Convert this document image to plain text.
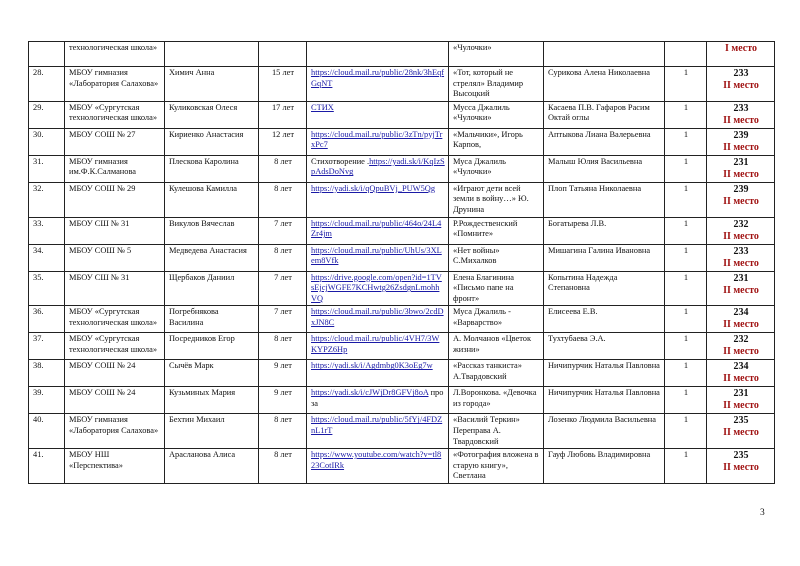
	технологическая школа»				«Чулочки»			I место

28.	МБОУ гимназия «Лаборатория Салахова»	Химич Анна	15 лет	https://cloud.mail.ru/public/28nk/3hEqfGqNT	«Тот, который не стрелял» Владимир Высоцкий	Сурикова Алена Николаевна	1	233
II место

29.	МБОУ «Сургутская технологическая школа»	Куликовская Олеся	17 лет	СТИХ	Мусса Джалиль «Чулочки»	Касаева П.В. Гафаров Расим Октай оглы	1	233
II место

30.	МБОУ СОШ № 27	Кириенко Анастасия	12 лет	https://cloud.mail.ru/public/3zTn/pyjTrxPc7	«Мальчики», Игорь Карпов,	Аптыкова Лиана Валерьевна	1	239
II место

31.	МБОУ гимназия им.Ф.К.Салманова	Плескова Каролина	8 лет	Стихотворение .https://yadi.sk/i/KqIzSpAdsDoNvg	Муса Джалиль «Чулочки»	Малыш Юлия Васильевна	1	231
II место

32.	МБОУ СОШ № 29	Кулешова Камилла	8 лет	https://yadi.sk/i/qQpuBVj_PUW5Qg	«Играют дети всей земли в войну…» Ю. Друнина	Плоп Татьяна Николаевна	1	239
II место

33.	МБОУ СШ № 31	Викулов Вячеслав	7 лет	https://cloud.mail.ru/public/464o/24L4Zr4jm	Р.Рождественский «Помните»	Богатырева Л.В.	1	232
II место

34.	МБОУ СОШ № 5	Медведева Анастасия	8 лет	https://cloud.mail.ru/public/UhUs/3XLem8Vfk	«Нет войны» С.Михалков	Мишагина Галина Ивановна	1	233
II место

35.	МБОУ СШ № 31	Щербаков Даниил	7 лет	https://drive.google.com/open?id=1TVsEjcjWGFE7KCHwtg26ZsdgnLmohhVQ	Елена Благинина «Письмо папе на фронт»	Копытина Надежда Степановна	1	231
II место

36.	МБОУ «Сургутская технологическая школа»	Погребнякова Василина	7 лет	https://cloud.mail.ru/public/3bwo/2cdDxJN8C	Муса Джалиль - «Варварство»	Елисеева Е.В.	1	234
II место

37.	МБОУ «Сургутская технологическая школа»	Посредников Егор	8 лет	https://cloud.mail.ru/public/4VH7/3WKYPZ6Hp	А. Молчанов «Цветок жизни»	Тухтубаева Э.А.	1	232
II место

38.	МБОУ СОШ № 24	Сычёв Марк	9 лет	https://yadi.sk/i/Agdmbg0K3oEg7w	«Рассказ танкиста» А.Твардовский	Ничипурчик Наталья Павловна	1	234
II место

39.	МБОУ СОШ № 24	Кузьминых Мария	9 лет	https://yadi.sk/i/cJWjDr8GFVj8oA проза	Л.Воронкова. «Девочка из города»	Ничипурчик Наталья Павловна	1	231
II место

40.	МБОУ гимназия «Лаборатория Салахова»	Бехтин Михаил	8 лет	https://cloud.mail.ru/public/5fYj/4FDZnL1rT	«Василий Теркин» Переправа А. Твардовский	Лозенко Людмила Васильевна	1	235
II место

41.	МБОУ НШ «Перспектива»	Арасланова Алиса	8 лет	https://www.youtube.com/watch?v=tl823CotIRk	«Фотография вложена в старую книгу», Светлана	Гауф Любовь Владимировна	1	235
II место
3
